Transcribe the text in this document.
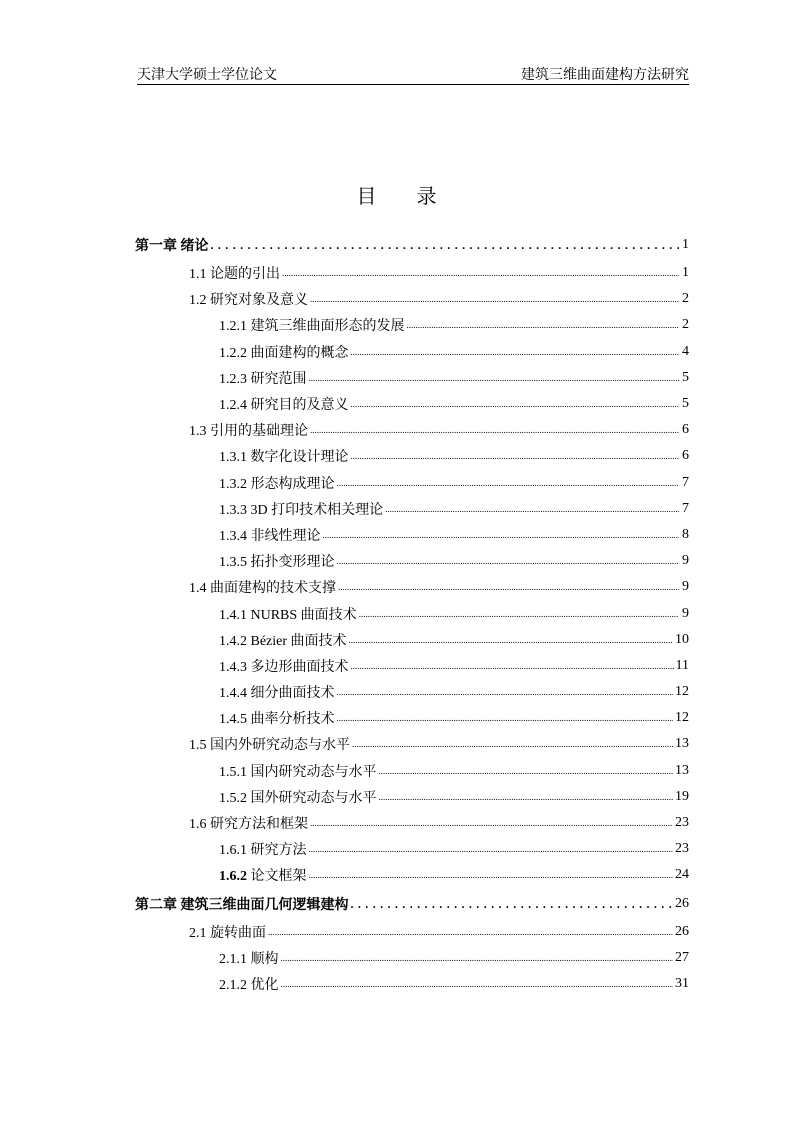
天津大学硕士学位论文	建筑三维曲面建构方法研究
目录
第一章 绪论 .....	1
1.1 论题的引出 .....	1
1.2 研究对象及意义 .....	2
1.2.1 建筑三维曲面形态的发展 .....	2
1.2.2 曲面建构的概念 .....	4
1.2.3 研究范围 .....	5
1.2.4 研究目的及意义 .....	5
1.3 引用的基础理论 .....	6
1.3.1 数字化设计理论 .....	6
1.3.2 形态构成理论 .....	7
1.3.3 3D 打印技术相关理论 .....	7
1.3.4 非线性理论 .....	8
1.3.5 拓扑变形理论 .....	9
1.4 曲面建构的技术支撑 .....	9
1.4.1 NURBS 曲面技术 .....	9
1.4.2 Bézier 曲面技术 .....	10
1.4.3 多边形曲面技术 .....	11
1.4.4 细分曲面技术 .....	12
1.4.5 曲率分析技术 .....	12
1.5 国内外研究动态与水平 .....	13
1.5.1 国内研究动态与水平 .....	13
1.5.2 国外研究动态与水平 .....	19
1.6 研究方法和框架 .....	23
1.6.1 研究方法 .....	23
1.6.2 论文框架 .....	24
第二章 建筑三维曲面几何逻辑建构 .....	26
2.1 旋转曲面 .....	26
2.1.1 顺构 .....	27
2.1.2 优化 .....	31
